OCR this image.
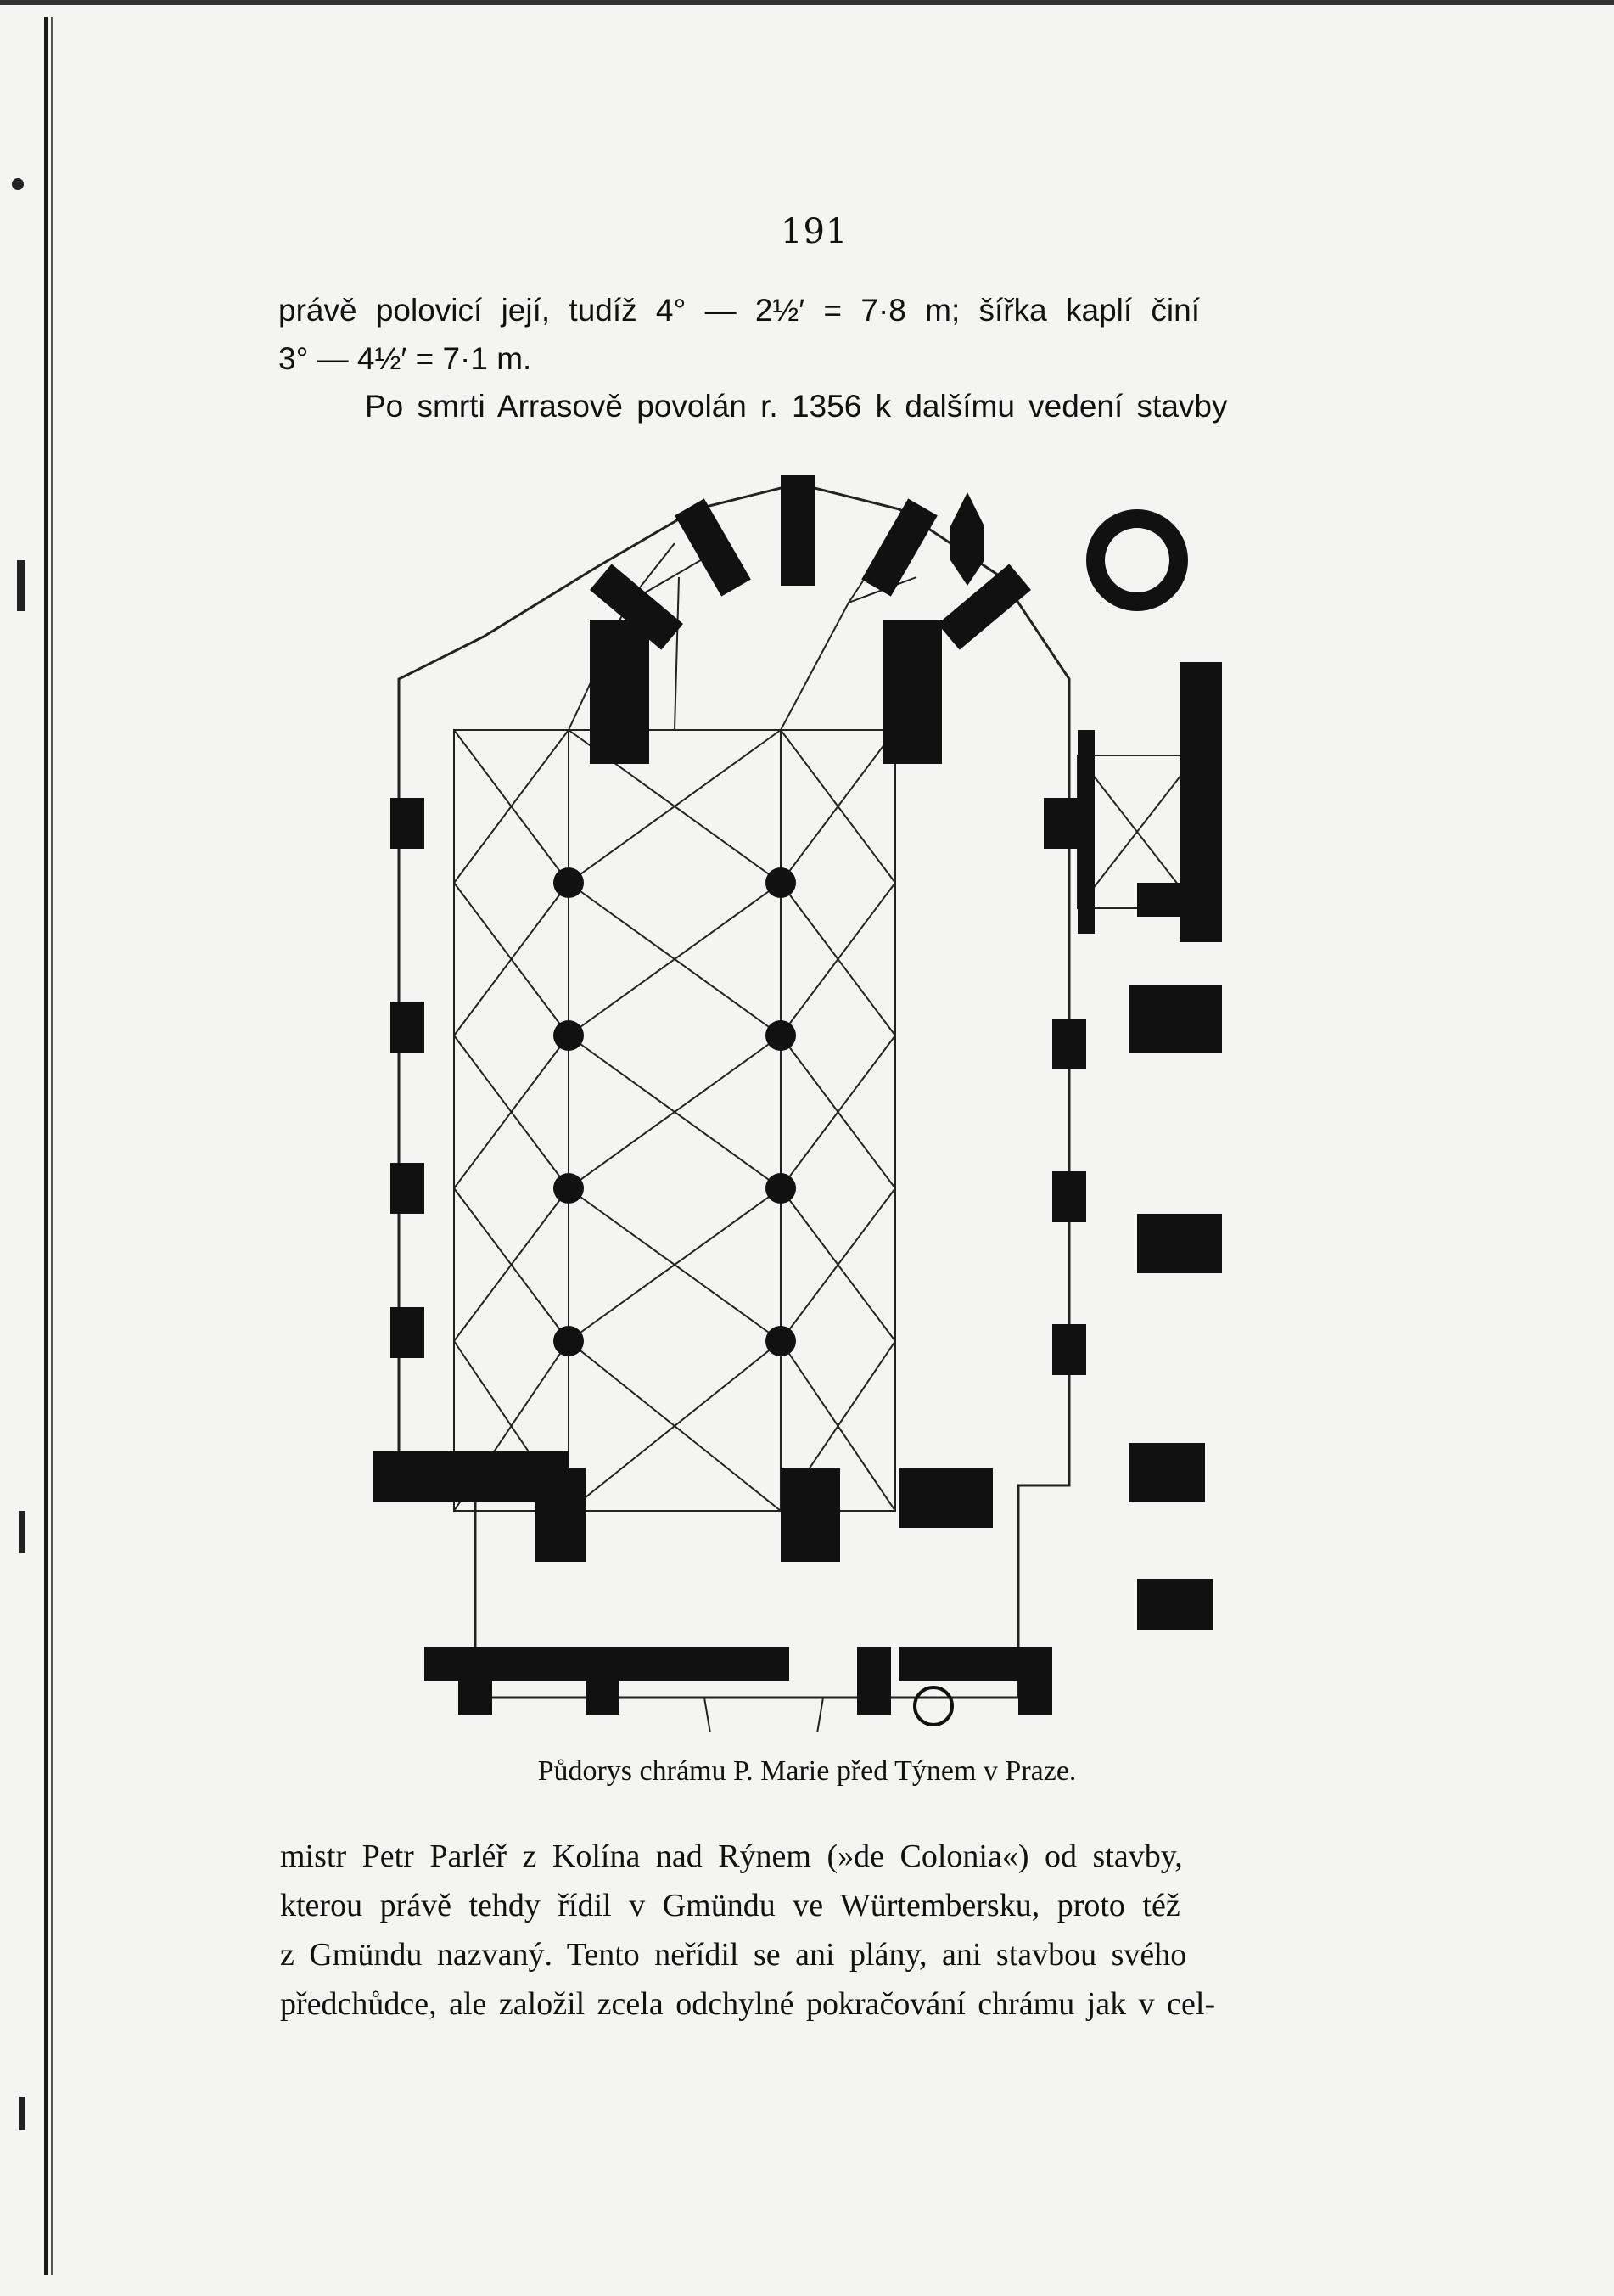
191
právě polovicí její, tudíž 4° — 2½′ = 7·8 m; šířka kaplí činí
3° — 4½′ = 7·1 m.
Po smrti Arrasově povolán r. 1356 k dalšímu vedení stavby
Půdorys chrámu P. Marie před Týnem v Praze.
mistr Petr Parléř z Kolína nad Rýnem (»de Colonia«) od stavby,
kterou právě tehdy řídil v Gmündu ve Würtembersku, proto též
z Gmündu nazvaný. Tento neřídil se ani plány, ani stavbou svého
předchůdce, ale založil zcela odchylné pokračování chrámu jak v cel-
